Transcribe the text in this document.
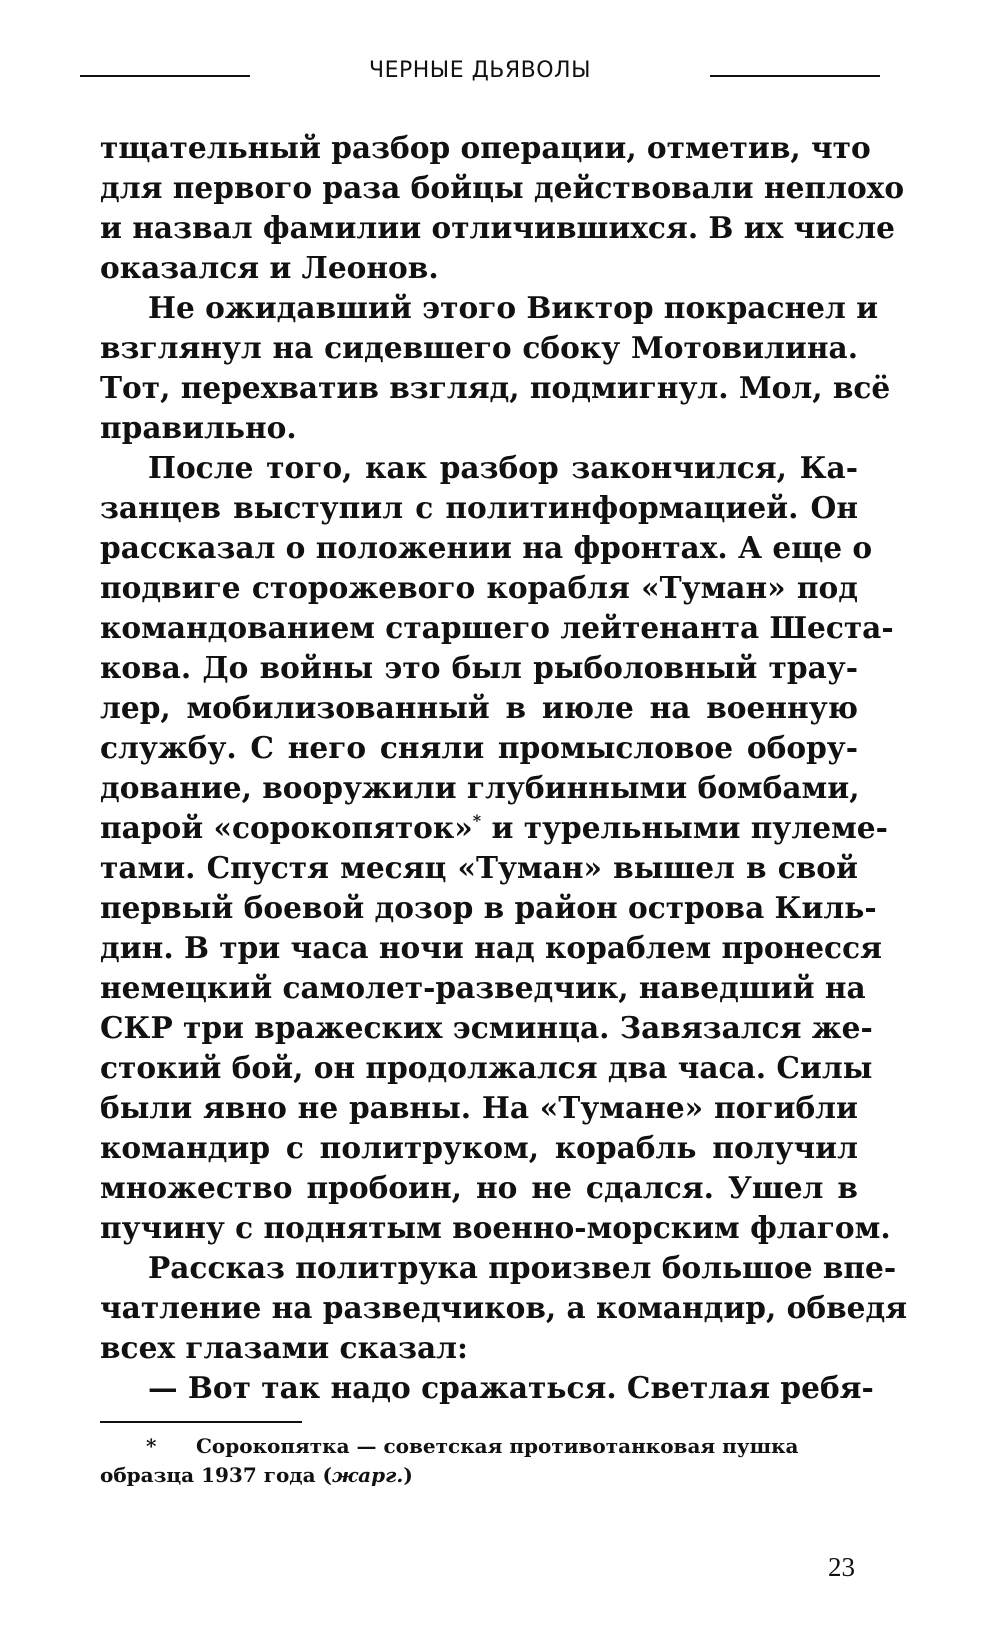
ЧЕРНЫЕ ДЬЯВОЛЫ
тщательный разбор операции, отметив, что
для первого раза бойцы действовали неплохо
и назвал фамилии отличившихся. В их числе
оказался и Леонов.
Не ожидавший этого Виктор покраснел и
взглянул на сидевшего сбоку Мотовилина.
Тот, перехватив взгляд, подмигнул. Мол, всё
правильно.
После того, как разбор закончился, Ка-
занцев выступил с политинформацией. Он
рассказал о положении на фронтах. А еще о
подвиге сторожевого корабля «Туман» под
командованием старшего лейтенанта Шеста-
кова. До войны это был рыболовный трау-
лер, мобилизованный в июле на военную
службу. С него сняли промысловое обору-
дование, вооружили глубинными бомбами,
парой «сорокопяток»* и турельными пулеме-
тами. Спустя месяц «Туман» вышел в свой
первый боевой дозор в район острова Киль-
дин. В три часа ночи над кораблем пронесся
немецкий самолет-разведчик, наведший на
СКР три вражеских эсминца. Завязался же-
стокий бой, он продолжался два часа. Силы
были явно не равны. На «Тумане» погибли
командир с политруком, корабль получил
множество пробоин, но не сдался. Ушел в
пучину с поднятым военно-морским флагом.
Рассказ политрука произвел большое впе-
чатление на разведчиков, а командир, обведя
всех глазами сказал:
— Вот так надо сражаться. Светлая ребя-
* Сорокопятка — советская противотанковая пушка
образца 1937 года (жарг.)
23
